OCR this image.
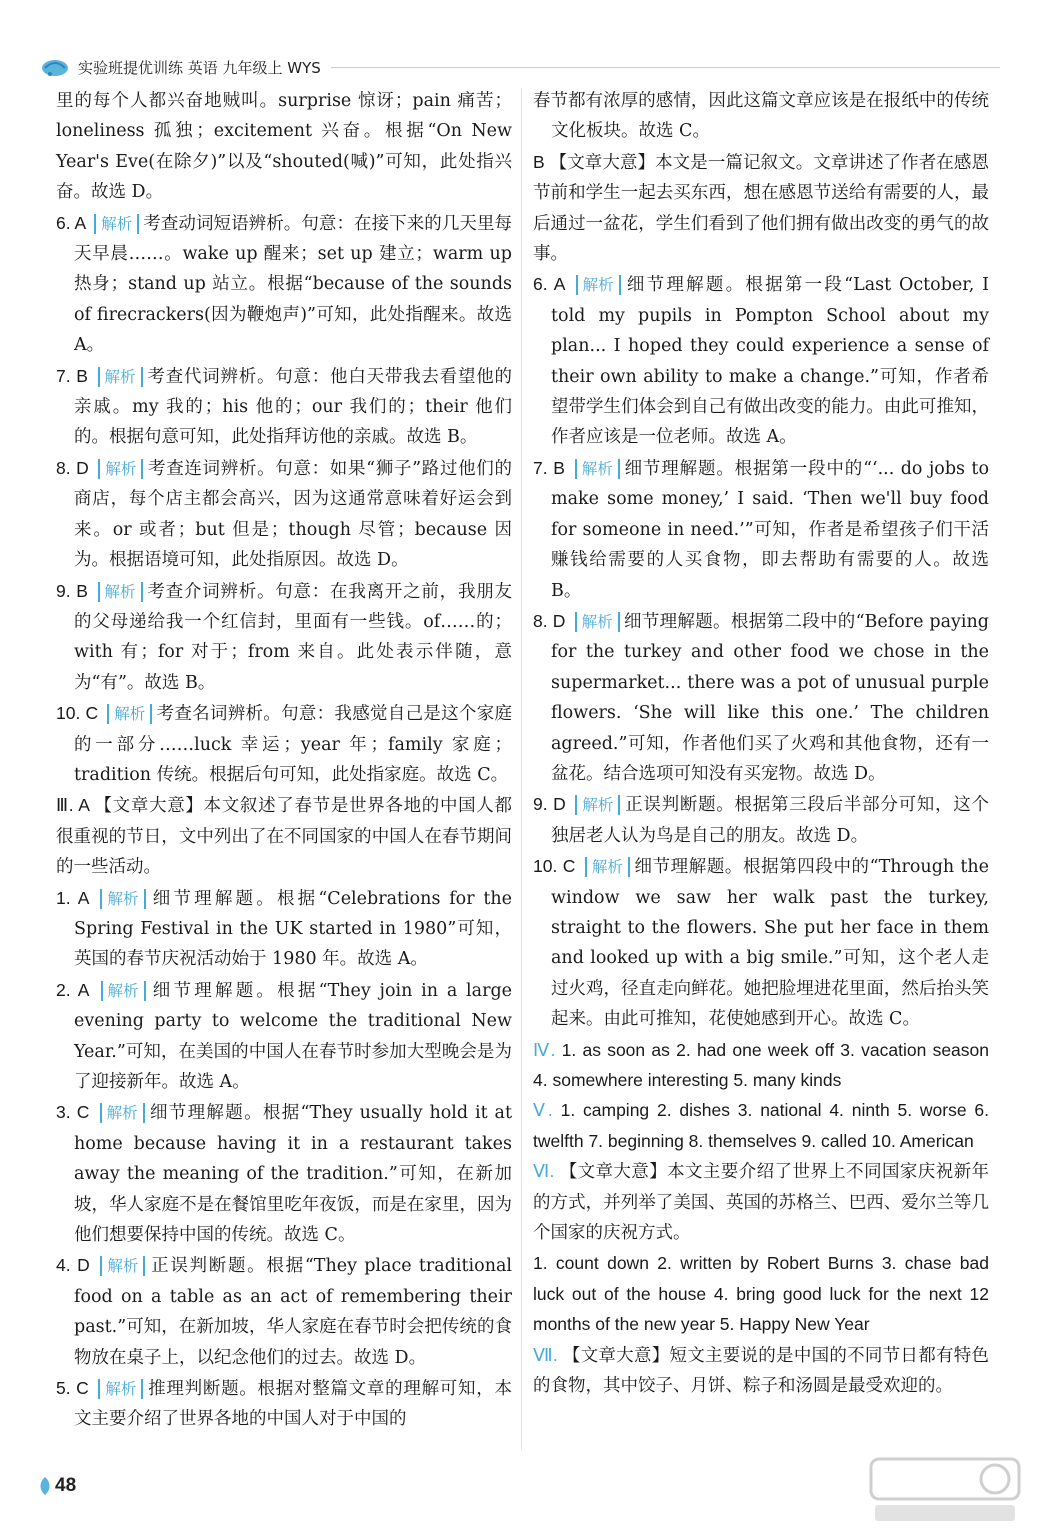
实验班提优训练 英语 九年级上 WYS

里的每个人都兴奋地贼叫。surprise 惊讶；pain 痛苦；loneliness 孤独；excitement 兴奋。根据“On New Year's Eve(在除夕)”以及“shouted(喊)”可知，此处指兴奋。故选 D。

6. A 解析 考查动词短语辨析。句意：在接下来的几天里每天早晨……。wake up 醒来；set up 建立；warm up 热身；stand up 站立。根据“because of the sounds of firecrackers(因为鞭炮声)”可知，此处指醒来。故选 A。

7. B 解析 考查代词辨析。句意：他白天带我去看望他的亲戚。my 我的；his 他的；our 我们的；their 他们的。根据句意可知，此处指拜访他的亲戚。故选 B。

8. D 解析 考查连词辨析。句意：如果“狮子”路过他们的商店，每个店主都会高兴，因为这通常意味着好运会到来。or 或者；but 但是；though 尽管；because 因为。根据语境可知，此处指原因。故选 D。

9. B 解析 考查介词辨析。句意：在我离开之前，我朋友的父母递给我一个红信封，里面有一些钱。of……的；with 有；for 对于；from 来自。此处表示伴随，意为“有”。故选 B。

10. C 解析 考查名词辨析。句意：我感觉自己是这个家庭的一部分……luck 幸运；year 年；family 家庭；tradition 传统。根据后句可知，此处指家庭。故选 C。

Ⅲ. A 【文章大意】本文叙述了春节是世界各地的中国人都很重视的节日，文中列出了在不同国家的中国人在春节期间的一些活动。

1. A 解析 细节理解题。根据“Celebrations for the Spring Festival in the UK started in 1980”可知，英国的春节庆祝活动始于 1980 年。故选 A。

2. A 解析 细节理解题。根据“They join in a large evening party to welcome the traditional New Year.”可知，在美国的中国人在春节时参加大型晚会是为了迎接新年。故选 A。

3. C 解析 细节理解题。根据“They usually hold it at home because having it in a restaurant takes away the meaning of the tradition.”可知，在新加坡，华人家庭不是在餐馆里吃年夜饭，而是在家里，因为他们想要保持中国的传统。故选 C。

4. D 解析 正误判断题。根据“They place traditional food on a table as an act of remembering their past.”可知，在新加坡，华人家庭在春节时会把传统的食物放在桌子上，以纪念他们的过去。故选 D。

5. C 解析 推理判断题。根据对整篇文章的理解可知，本文主要介绍了世界各地的中国人对于中国的

春节都有浓厚的感情，因此这篇文章应该是在报纸中的传统文化板块。故选 C。

B 【文章大意】本文是一篇记叙文。文章讲述了作者在感恩节前和学生一起去买东西，想在感恩节送给有需要的人，最后通过一盆花，学生们看到了他们拥有做出改变的勇气的故事。

6. A 解析 细节理解题。根据第一段“Last October, I told my pupils in Pompton School about my plan... I hoped they could experience a sense of their own ability to make a change.”可知，作者希望带学生们体会到自己有做出改变的能力。由此可推知，作者应该是一位老师。故选 A。

7. B 解析 细节理解题。根据第一段中的“‘... do jobs to make some money,’ I said. ‘Then we'll buy food for someone in need.’”可知，作者是希望孩子们干活赚钱给需要的人买食物，即去帮助有需要的人。故选 B。

8. D 解析 细节理解题。根据第二段中的“Before paying for the turkey and other food we chose in the supermarket... there was a pot of unusual purple flowers. ‘She will like this one.’ The children agreed.”可知，作者他们买了火鸡和其他食物，还有一盆花。结合选项可知没有买宠物。故选 D。

9. D 解析 正误判断题。根据第三段后半部分可知，这个独居老人认为鸟是自己的朋友。故选 D。

10. C 解析 细节理解题。根据第四段中的“Through the window we saw her walk past the turkey, straight to the flowers. She put her face in them and looked up with a big smile.”可知，这个老人走过火鸡，径直走向鲜花。她把脸埋进花里面，然后抬头笑起来。由此可推知，花使她感到开心。故选 C。

Ⅳ. 1. as soon as 2. had one week off 3. vacation season 4. somewhere interesting 5. many kinds

Ⅴ. 1. camping 2. dishes 3. national 4. ninth 5. worse 6. twelfth 7. beginning 8. themselves 9. called 10. American

Ⅵ. 【文章大意】本文主要介绍了世界上不同国家庆祝新年的方式，并列举了美国、英国的苏格兰、巴西、爱尔兰等几个国家的庆祝方式。

1. count down 2. written by Robert Burns 3. chase bad luck out of the house 4. bring good luck for the next 12 months of the new year 5. Happy New Year

Ⅶ. 【文章大意】短文主要说的是中国的不同节日都有特色的食物，其中饺子、月饼、粽子和汤圆是最受欢迎的。

48
